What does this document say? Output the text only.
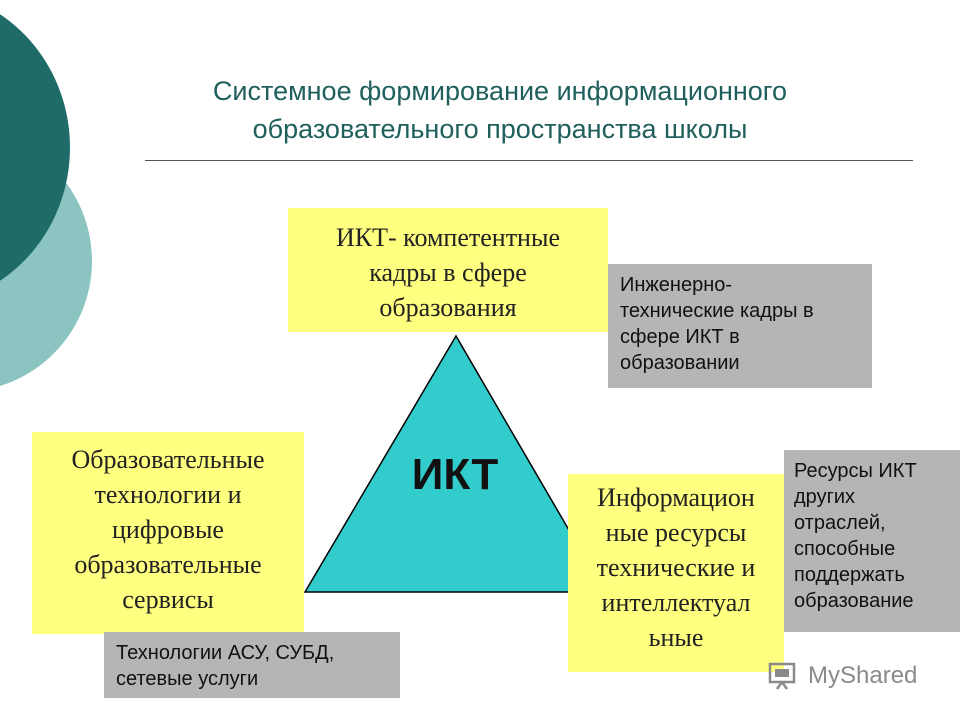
Системное формирование информационного
образовательного пространства школы
ИКТ
ИКТ- компетентные
кадры в сфере
образования
Образовательные
технологии и
цифровые
образовательные
сервисы
Информацион
ные ресурсы
технические и
интеллектуал
ьные
Инженерно-
технические кадры в
сфере ИКТ в
образовании
Ресурсы ИКТ
других
отраслей,
способные
поддержать
образование
Технологии АСУ, СУБД,
сетевые услуги	MyShared
